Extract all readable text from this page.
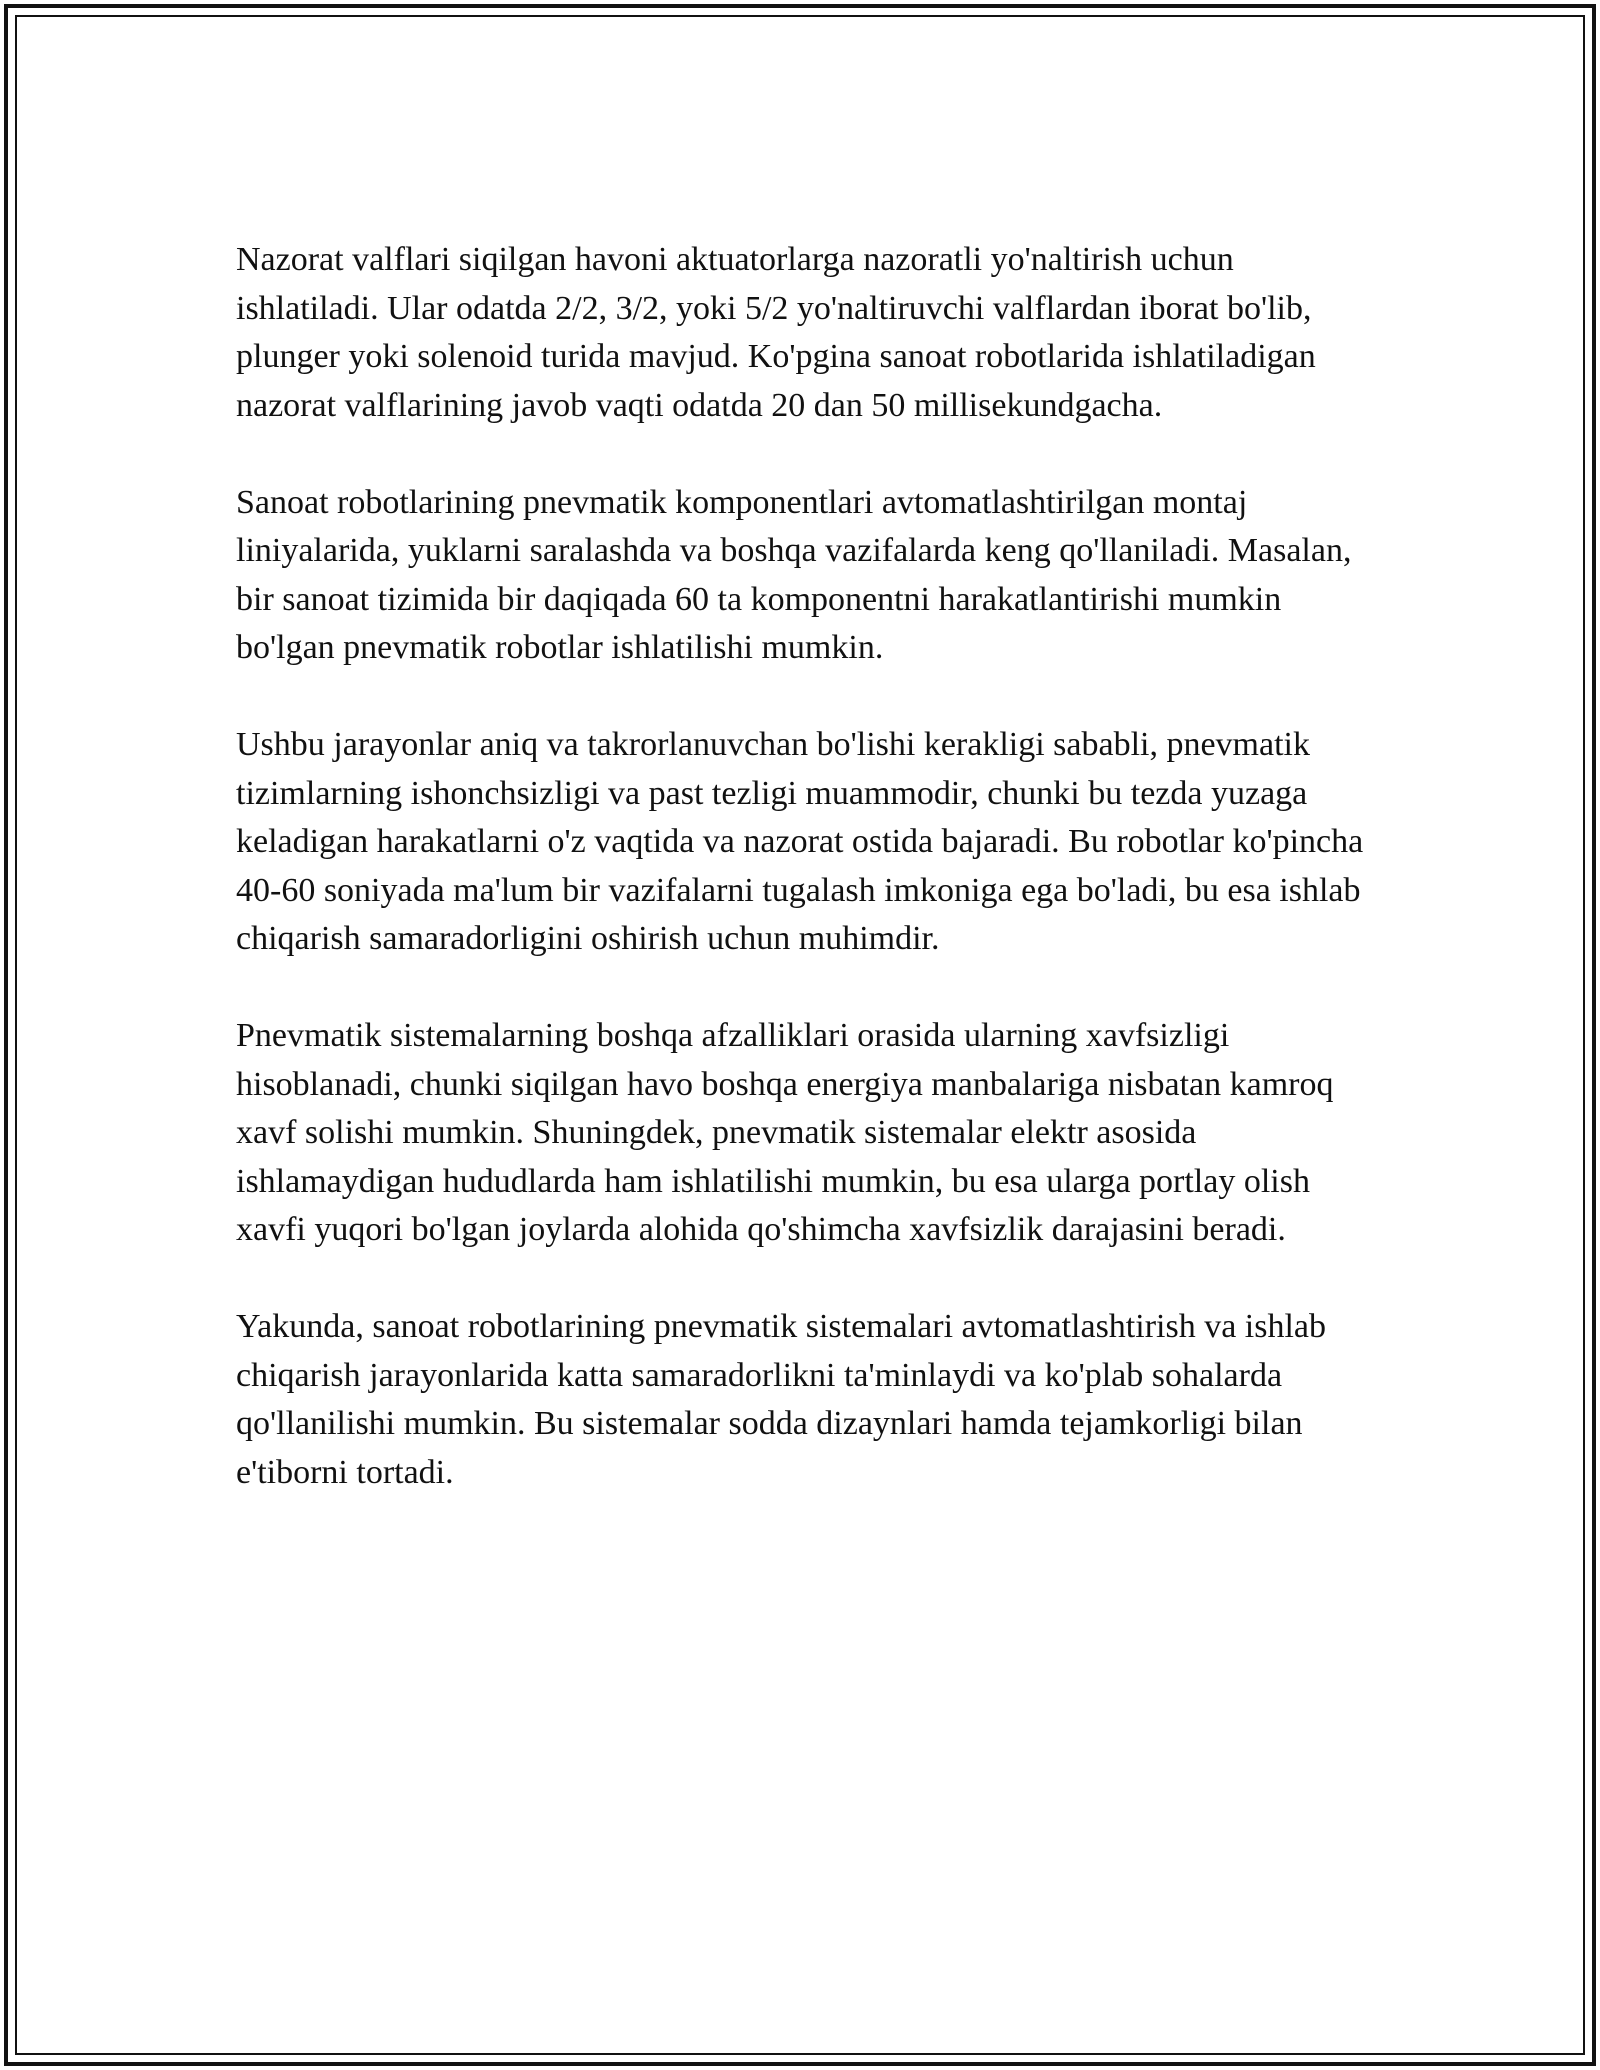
Nazorat valflari siqilgan havoni aktuatorlarga nazoratli yo'naltirish uchun ishlatiladi. Ular odatda 2/2, 3/2, yoki 5/2 yo'naltiruvchi valflardan iborat bo'lib, plunger yoki solenoid turida mavjud. Ko'pgina sanoat robotlarida ishlatiladigan nazorat valflarining javob vaqti odatda 20 dan 50 millisekundgacha.

Sanoat robotlarining pnevmatik komponentlari avtomatlashtirilgan montaj liniyalarida, yuklarni saralashda va boshqa vazifalarda keng qo'llaniladi. Masalan, bir sanoat tizimida bir daqiqada 60 ta komponentni harakatlantirishi mumkin bo'lgan pnevmatik robotlar ishlatilishi mumkin.

Ushbu jarayonlar aniq va takrorlanuvchan bo'lishi kerakligi sababli, pnevmatik tizimlarning ishonchsizligi va past tezligi muammodir, chunki bu tezda yuzaga keladigan harakatlarni o'z vaqtida va nazorat ostida bajaradi. Bu robotlar ko'pincha 40-60 soniyada ma'lum bir vazifalarni tugalash imkoniga ega bo'ladi, bu esa ishlab chiqarish samaradorligini oshirish uchun muhimdir.

Pnevmatik sistemalarning boshqa afzalliklari orasida ularning xavfsizligi hisoblanadi, chunki siqilgan havo boshqa energiya manbalariga nisbatan kamroq xavf solishi mumkin. Shuningdek, pnevmatik sistemalar elektr asosida ishlamaydigan hududlarda ham ishlatilishi mumkin, bu esa ularga portlay olish xavfi yuqori bo'lgan joylarda alohida qo'shimcha xavfsizlik darajasini beradi.

Yakunda, sanoat robotlarining pnevmatik sistemalari avtomatlashtirish va ishlab chiqarish jarayonlarida katta samaradorlikni ta'minlaydi va ko'plab sohalarda qo'llanilishi mumkin. Bu sistemalar sodda dizaynlari hamda tejamkorligi bilan e'tiborni tortadi.
